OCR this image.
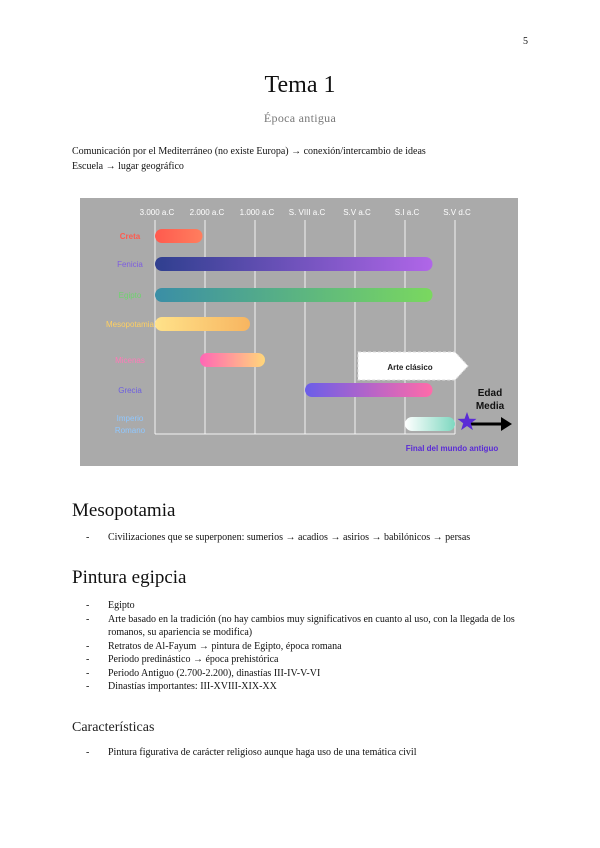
5
Tema 1
Época antigua
Comunicación por el Mediterráneo (no existe Europa) → conexión/intercambio de ideas
Escuela → lugar geográfico
3.000 a.C 2.000 a.C 1.000 a.C S. VIII a.C S.V a.C	S.I a.C	S.V d.C
Creta
Fenicia
Egipto
Mesopotamia
Micenas
Grecia
Imperio
Romano
Arte clásico
Edad
Media
Final del mundo antiguo
Mesopotamia
- Civilizaciones que se superponen: sumerios → acadios → asirios → babilónicos → persas
Pintura egipcia
- Egipto
- Arte basado en la tradición (no hay cambios muy significativos en cuanto al uso, con la llegada de los romanos, su apariencia se modifica)
- Retratos de Al-Fayum → pintura de Egipto, época romana
- Periodo predinástico → época prehistórica
- Periodo Antiguo (2.700-2.200), dinastías III-IV-V-VI
- Dinastías importantes: III-XVIII-XIX-XX
Características
- Pintura figurativa de carácter religioso aunque haga uso de una temática civil
